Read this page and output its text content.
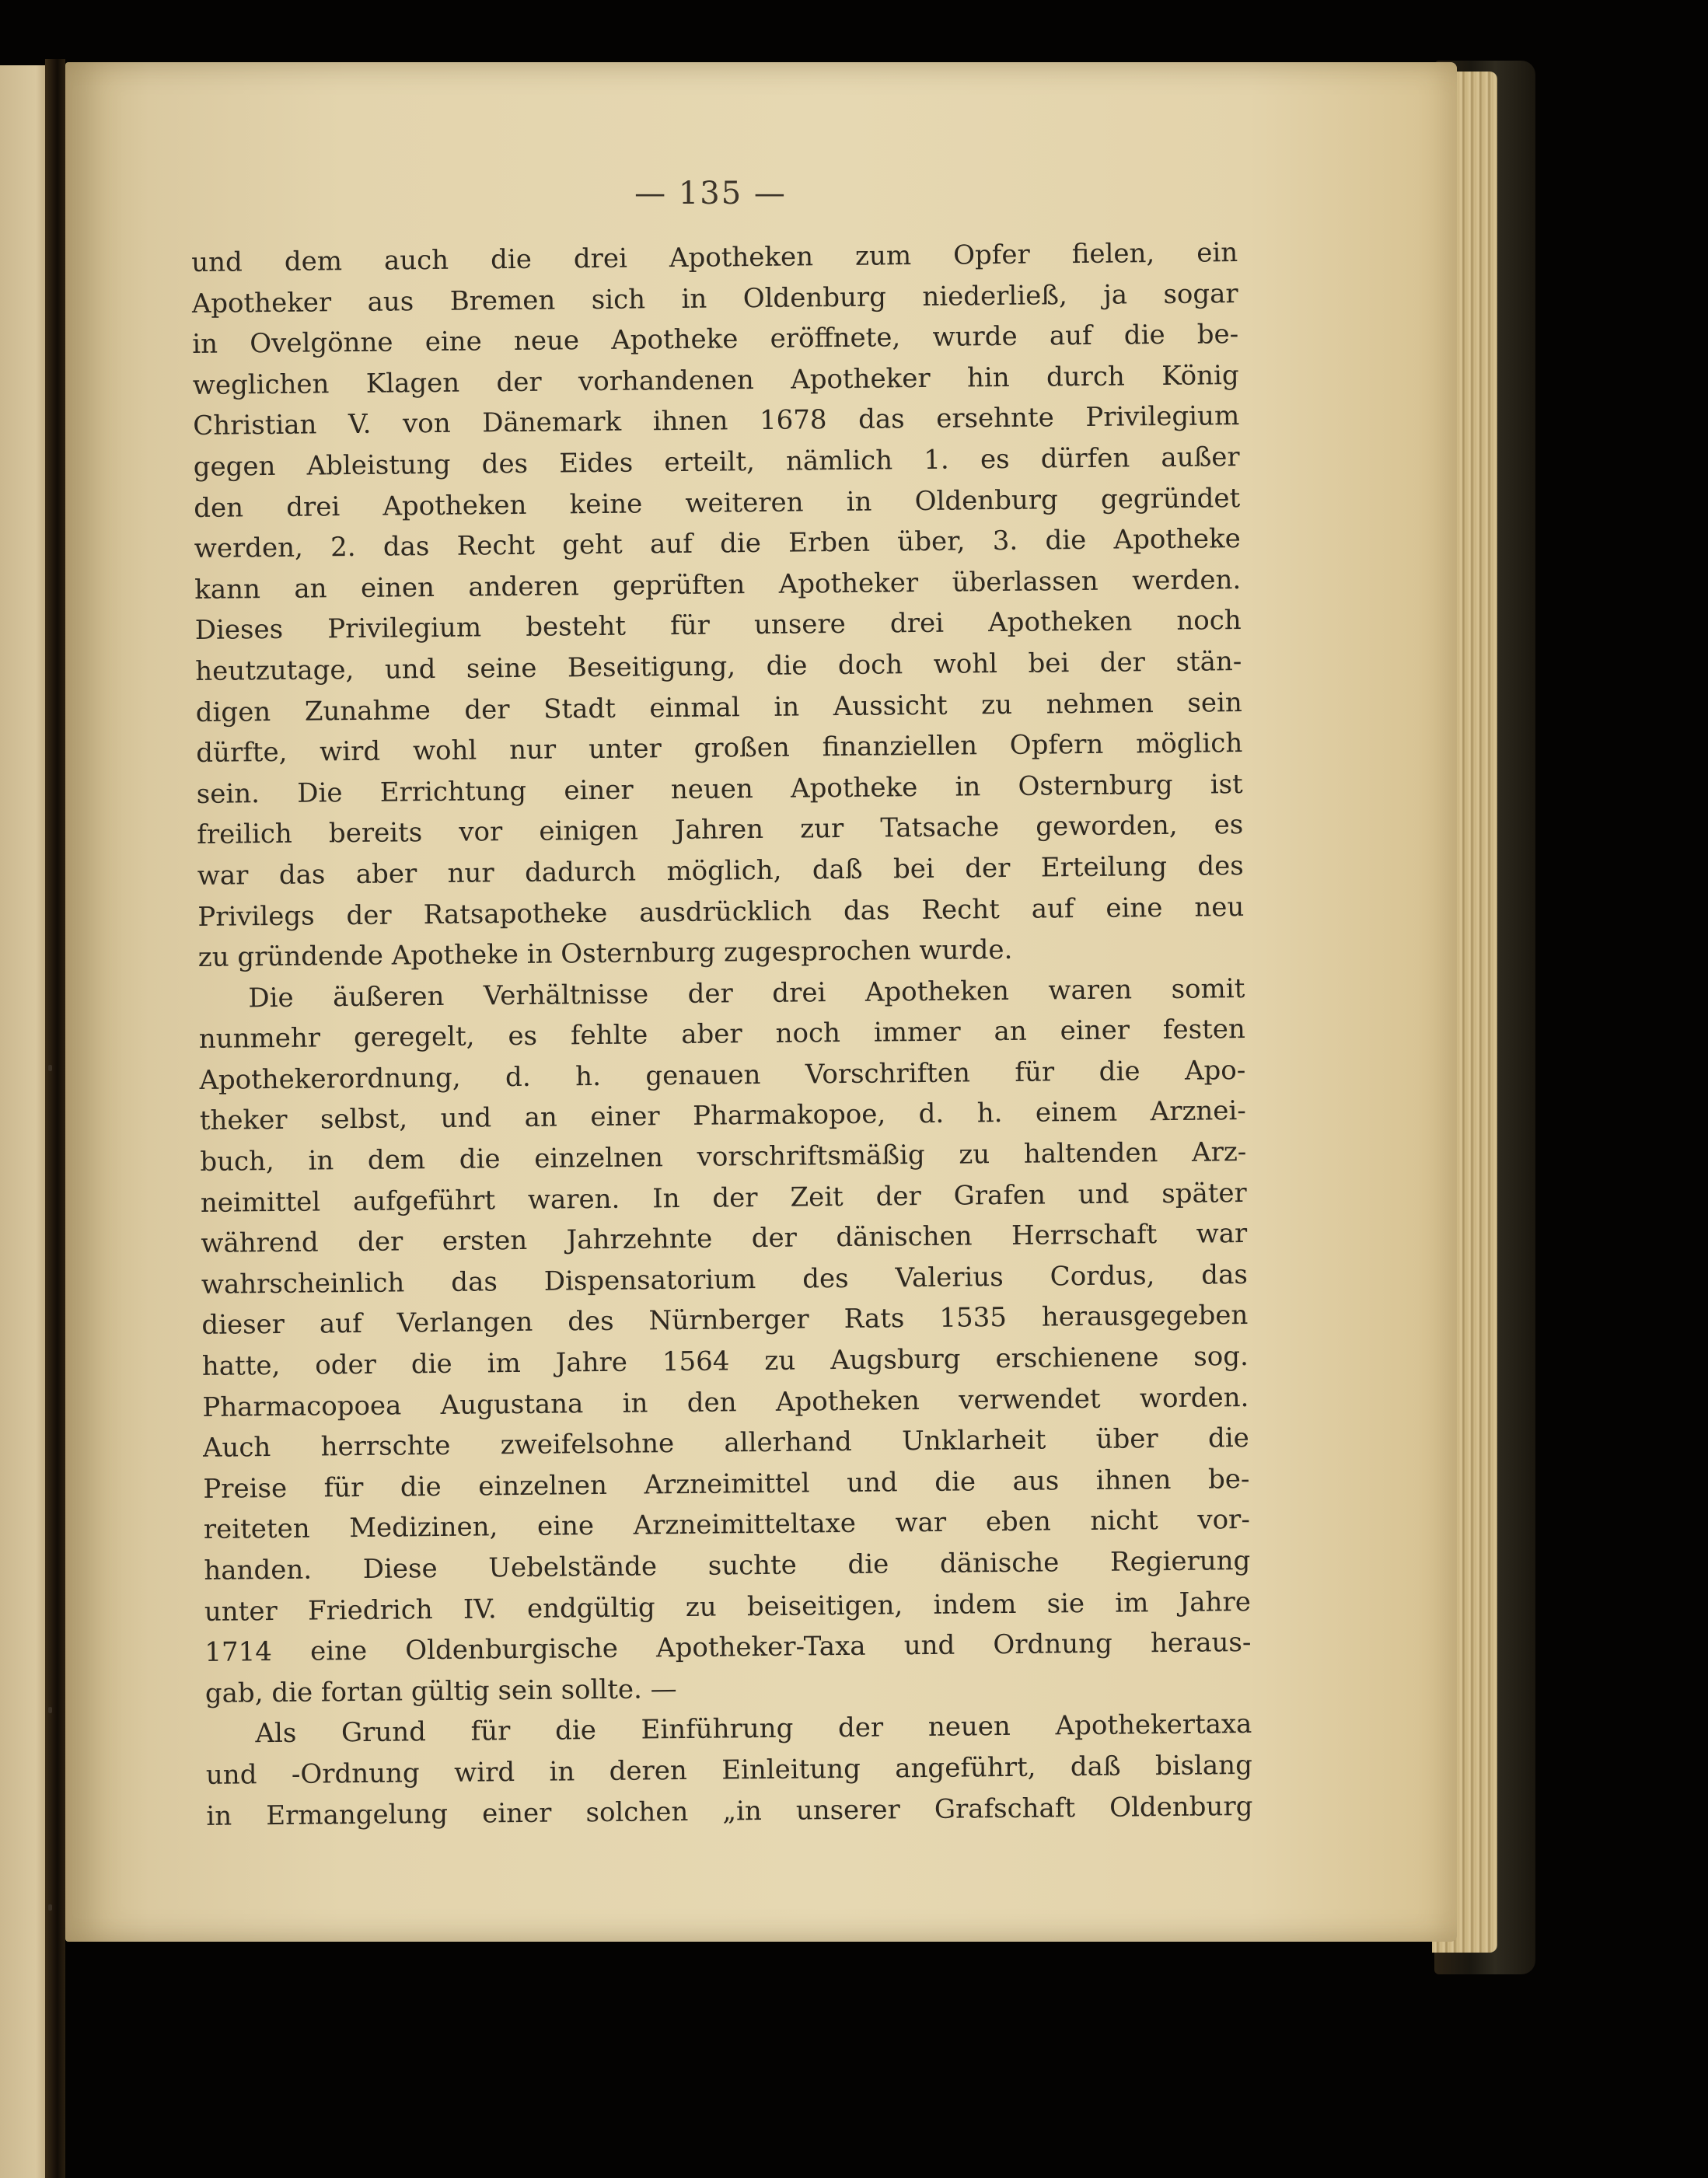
— 135 —
und dem auch die drei Apotheken zum Opfer fielen, ein
Apotheker aus Bremen sich in Oldenburg niederließ, ja sogar
in Ovelgönne eine neue Apotheke eröffnete, wurde auf die be-
weglichen Klagen der vorhandenen Apotheker hin durch König
Christian V. von Dänemark ihnen 1678 das ersehnte Privilegium
gegen Ableistung des Eides erteilt, nämlich 1. es dürfen außer
den drei Apotheken keine weiteren in Oldenburg gegründet
werden, 2. das Recht geht auf die Erben über, 3. die Apotheke
kann an einen anderen geprüften Apotheker überlassen werden.
Dieses Privilegium besteht für unsere drei Apotheken noch
heutzutage, und seine Beseitigung, die doch wohl bei der stän-
digen Zunahme der Stadt einmal in Aussicht zu nehmen sein
dürfte, wird wohl nur unter großen finanziellen Opfern möglich
sein. Die Errichtung einer neuen Apotheke in Osternburg ist
freilich bereits vor einigen Jahren zur Tatsache geworden, es
war das aber nur dadurch möglich, daß bei der Erteilung des
Privilegs der Ratsapotheke ausdrücklich das Recht auf eine neu
zu gründende Apotheke in Osternburg zugesprochen wurde.
Die äußeren Verhältnisse der drei Apotheken waren somit
nunmehr geregelt, es fehlte aber noch immer an einer festen
Apothekerordnung, d. h. genauen Vorschriften für die Apo-
theker selbst, und an einer Pharmakopoe, d. h. einem Arznei-
buch, in dem die einzelnen vorschriftsmäßig zu haltenden Arz-
neimittel aufgeführt waren. In der Zeit der Grafen und später
während der ersten Jahrzehnte der dänischen Herrschaft war
wahrscheinlich das Dispensatorium des Valerius Cordus, das
dieser auf Verlangen des Nürnberger Rats 1535 herausgegeben
hatte, oder die im Jahre 1564 zu Augsburg erschienene sog.
Pharmacopoea Augustana in den Apotheken verwendet worden.
Auch herrschte zweifelsohne allerhand Unklarheit über die
Preise für die einzelnen Arzneimittel und die aus ihnen be-
reiteten Medizinen, eine Arzneimitteltaxe war eben nicht vor-
handen. Diese Uebelstände suchte die dänische Regierung
unter Friedrich IV. endgültig zu beiseitigen, indem sie im Jahre
1714 eine Oldenburgische Apotheker-Taxa und Ordnung heraus-
gab, die fortan gültig sein sollte. —
Als Grund für die Einführung der neuen Apothekertaxa
und -Ordnung wird in deren Einleitung angeführt, daß bislang
in Ermangelung einer solchen „in unserer Grafschaft Oldenburg
